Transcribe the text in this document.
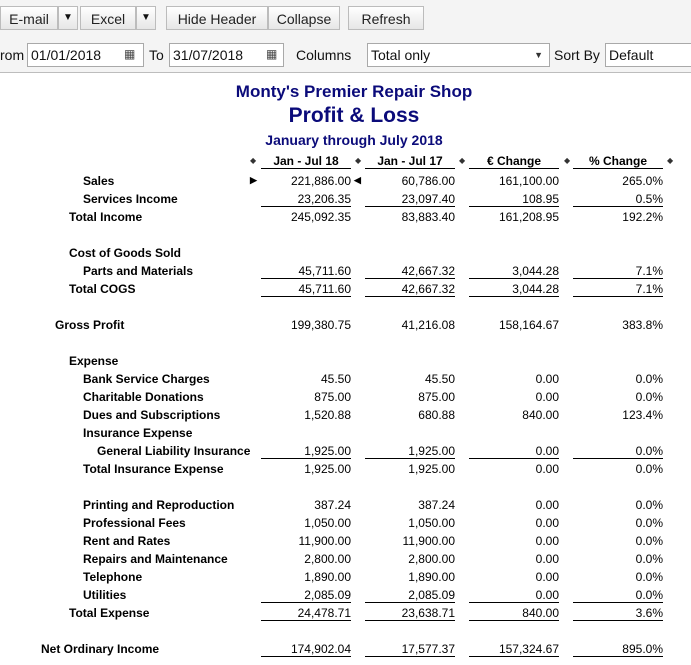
E-mail	▼	Excel	▼	Hide Header	Collapse	Refresh
rom 01/01/2018	▦ To 31/07/2018	▦ Columns Total only	▼ Sort By Default
Monty's Premier Repair Shop
Profit & Loss
January through July 2018
◆	Jan - Jul 18	◆	Jan - Jul 17	◆	€ Change	◆	% Change	◆
Sales	221,886.00	60,786.00	161,100.00	265.0%
▶	◀
Services Income	23,206.35	23,097.40	108.95	0.5%
Total Income	245,092.35	83,883.40	161,208.95	192.2%
Cost of Goods Sold
Parts and Materials	45,711.60	42,667.32	3,044.28	7.1%
Total COGS	45,711.60	42,667.32	3,044.28	7.1%
Gross Profit	199,380.75	41,216.08	158,164.67	383.8%
Expense
Bank Service Charges	45.50	45.50	0.00	0.0%
Charitable Donations	875.00	875.00	0.00	0.0%
Dues and Subscriptions	1,520.88	680.88	840.00	123.4%
Insurance Expense
General Liability Insurance	1,925.00	1,925.00	0.00	0.0%
Total Insurance Expense	1,925.00	1,925.00	0.00	0.0%
Printing and Reproduction	387.24	387.24	0.00	0.0%
Professional Fees	1,050.00	1,050.00	0.00	0.0%
Rent and Rates	11,900.00	11,900.00	0.00	0.0%
Repairs and Maintenance	2,800.00	2,800.00	0.00	0.0%
Telephone	1,890.00	1,890.00	0.00	0.0%
Utilities	2,085.09	2,085.09	0.00	0.0%
Total Expense	24,478.71	23,638.71	840.00	3.6%
Net Ordinary Income	174,902.04	17,577.37	157,324.67	895.0%
